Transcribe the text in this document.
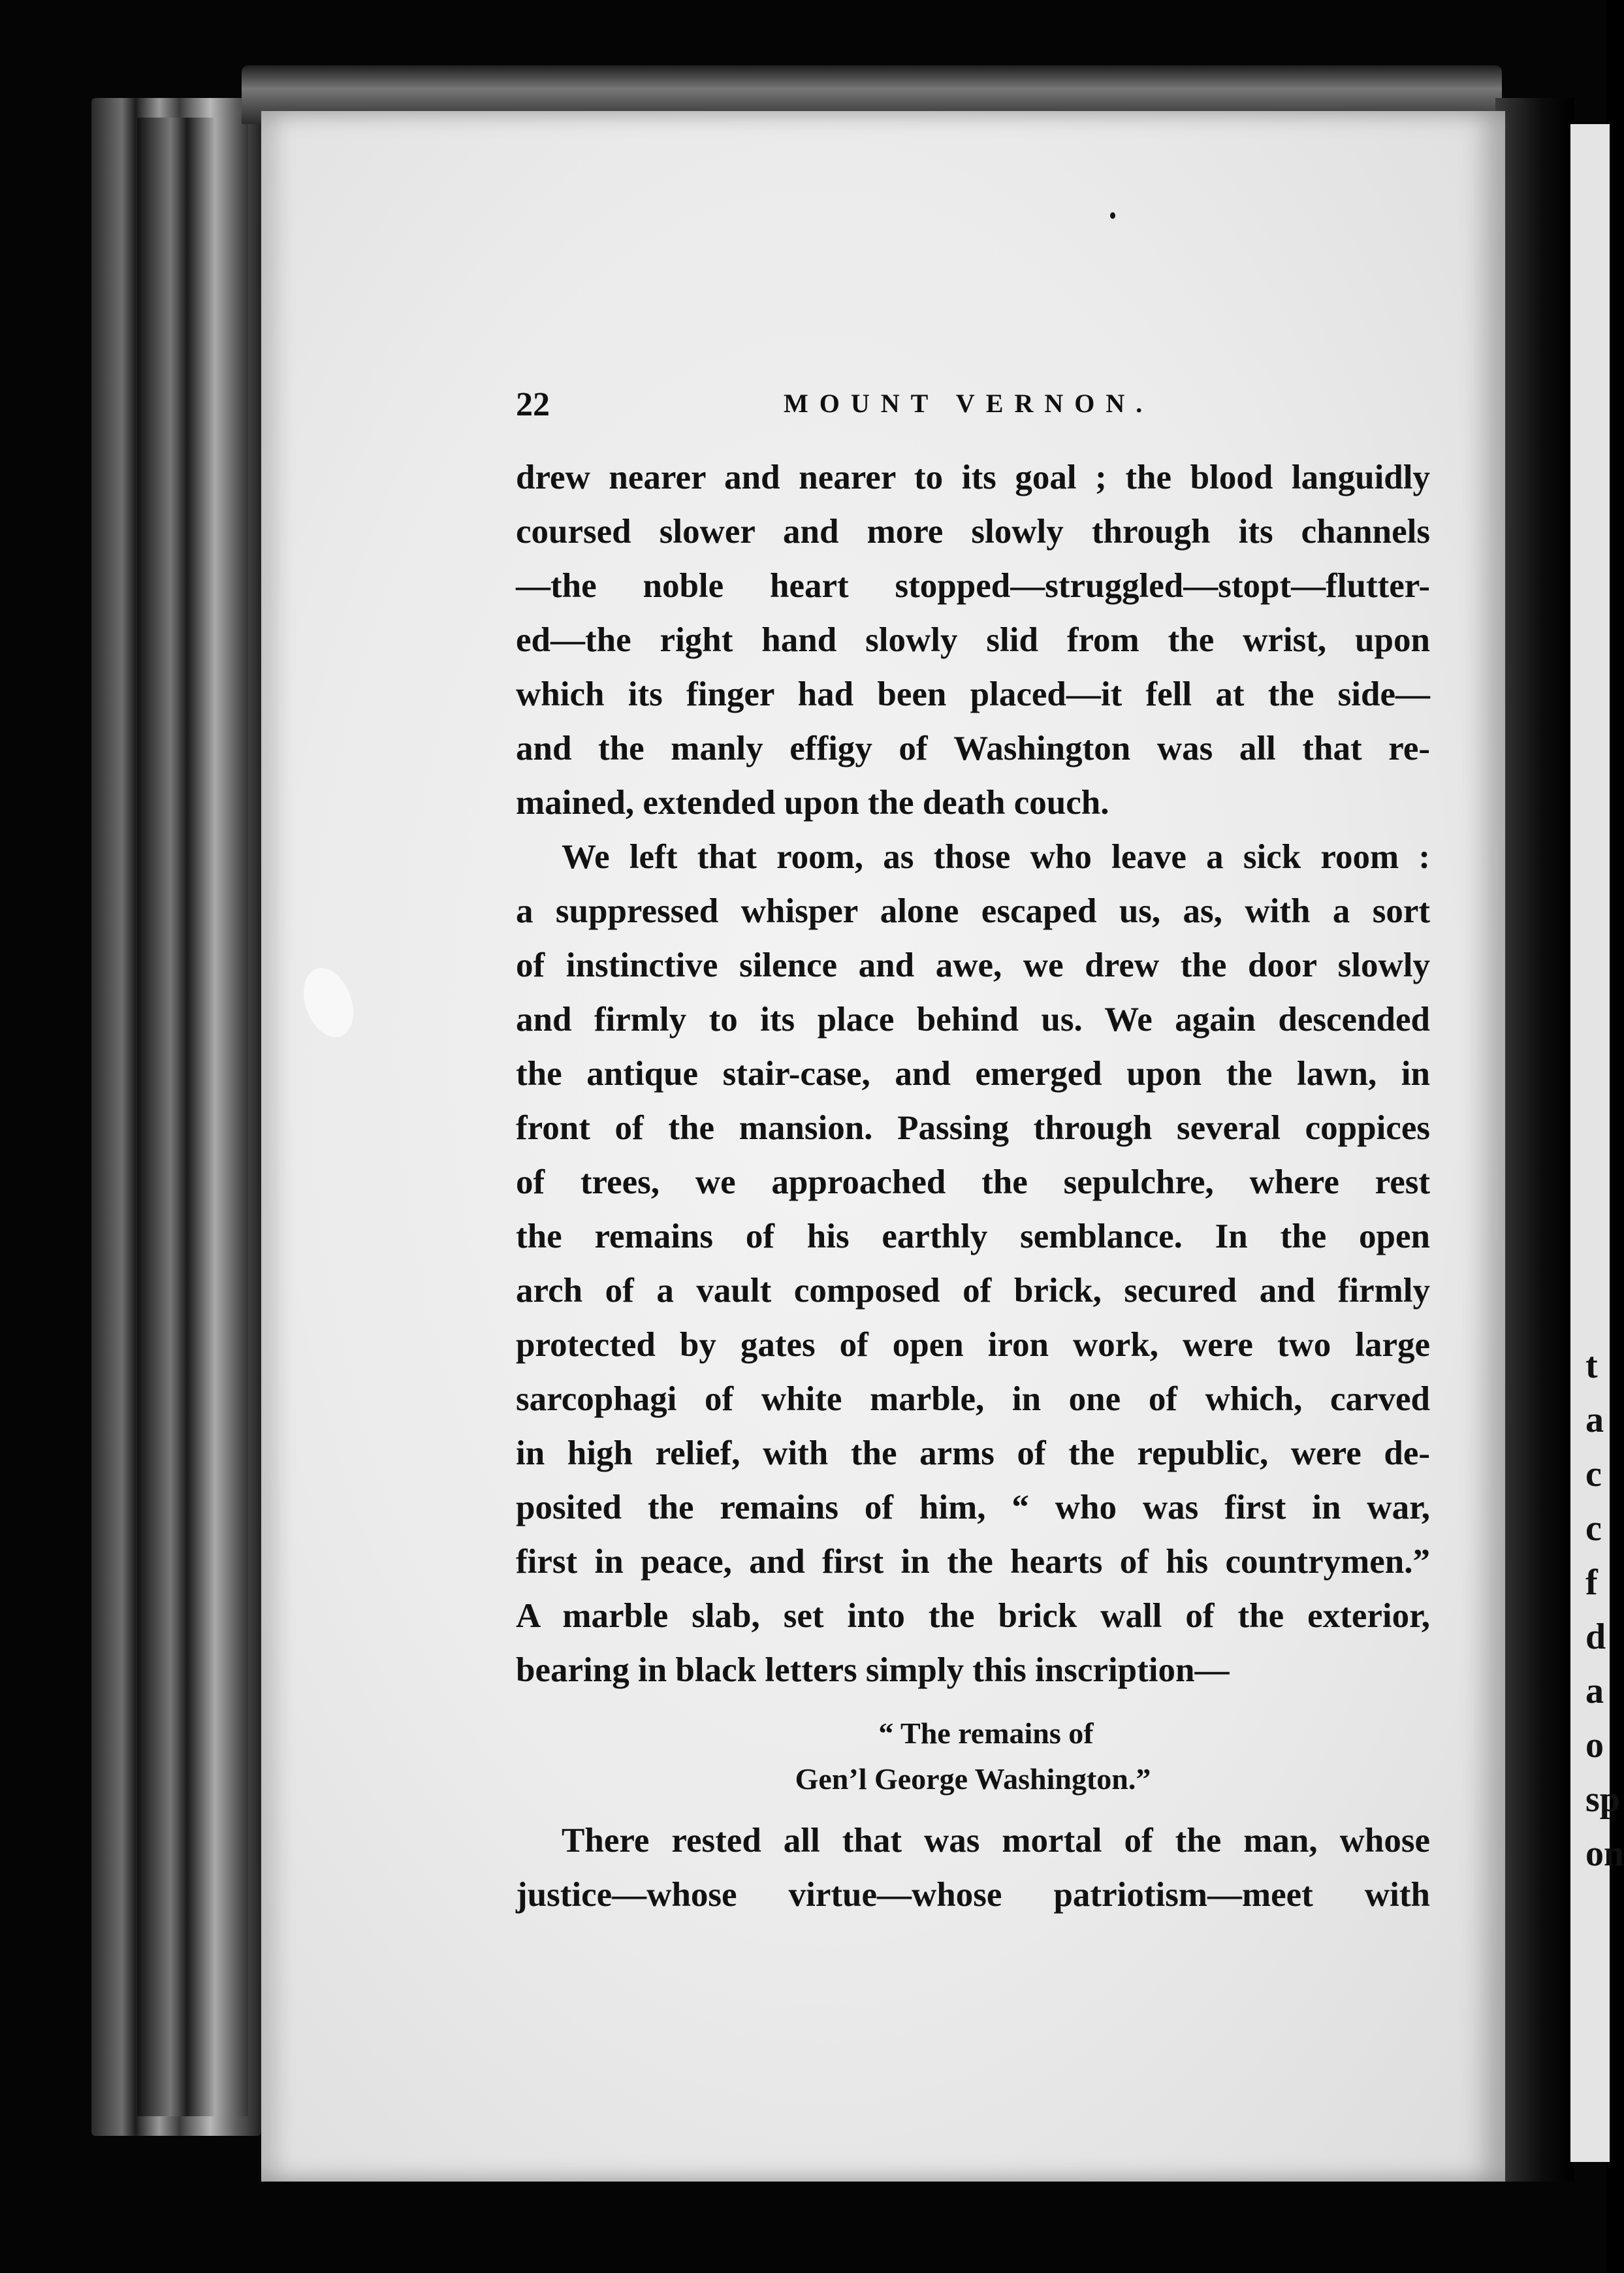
t
a
c
c
f
d
a
o
sp
on
22	MOUNT VERNON.
drew nearer and nearer to its goal ; the blood languidly
coursed slower and more slowly through its channels
—the noble heart stopped—struggled—stopt—flutter-
ed—the right hand slowly slid from the wrist, upon
which its finger had been placed—it fell at the side—
and the manly effigy of Washington was all that re-
mained, extended upon the death couch.
We left that room, as those who leave a sick room :
a suppressed whisper alone escaped us, as, with a sort
of instinctive silence and awe, we drew the door slowly
and firmly to its place behind us. We again descended
the antique stair-case, and emerged upon the lawn, in
front of the mansion. Passing through several coppices
of trees, we approached the sepulchre, where rest
the remains of his earthly semblance. In the open
arch of a vault composed of brick, secured and firmly
protected by gates of open iron work, were two large
sarcophagi of white marble, in one of which, carved
in high relief, with the arms of the republic, were de-
posited the remains of him, “ who was first in war,
first in peace, and first in the hearts of his countrymen.”
A marble slab, set into the brick wall of the exterior,
bearing in black letters simply this inscription—
“ The remains of
Gen’l George Washington.”
There rested all that was mortal of the man, whose
justice—whose virtue—whose patriotism—meet with
